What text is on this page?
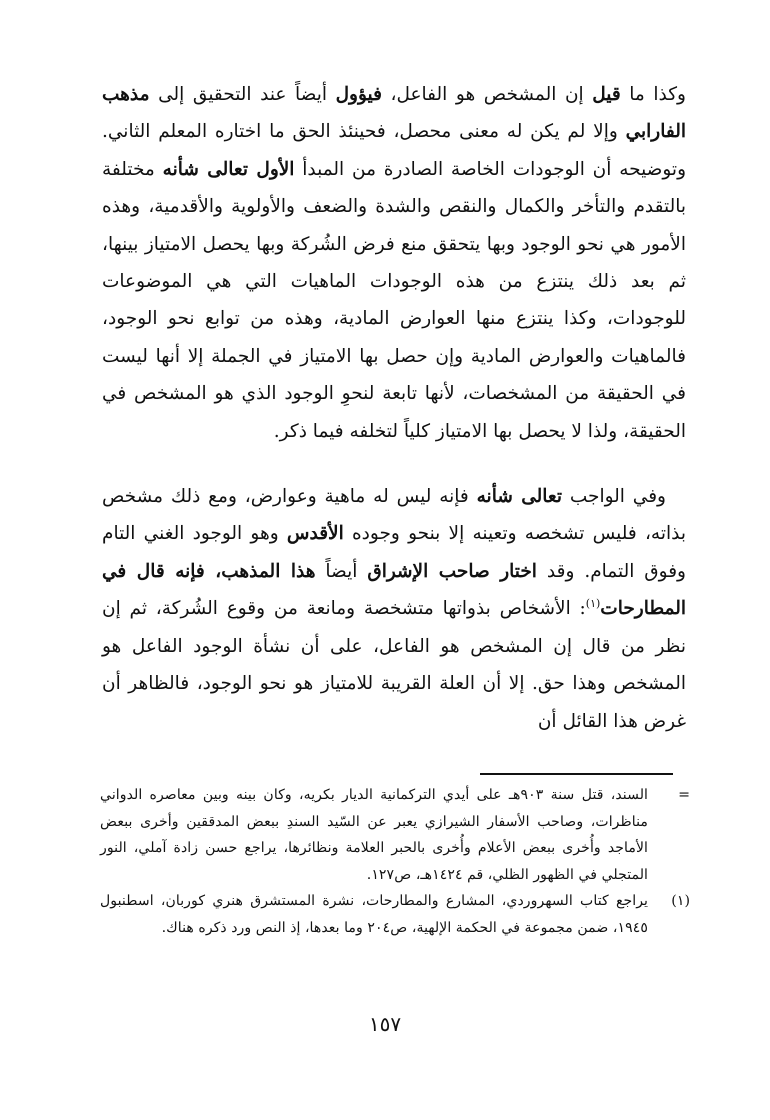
وكذا ما قيل إن المشخص هو الفاعل، فيؤول أيضاً عند التحقيق إلى مذهب الفارابي وإلا لم يكن له معنى محصل، فحينئذ الحق ما اختاره المعلم الثاني. وتوضيحه أن الوجودات الخاصة الصادرة من المبدأ الأول تعالى شأنه مختلفة بالتقدم والتأخر والكمال والنقص والشدة والضعف والأولوية والأقدمية، وهذه الأمور هي نحو الوجود وبها يتحقق منع فرض الشُركة وبها يحصل الامتياز بينها، ثم بعد ذلك ينتزع من هذه الوجودات الماهيات التي هي الموضوعات للوجودات، وكذا ينتزع منها العوارض المادية، وهذه من توابع نحو الوجود، فالماهيات والعوارض المادية وإن حصل بها الامتياز في الجملة إلا أنها ليست في الحقيقة من المشخصات، لأنها تابعة لنحوِ الوجود الذي هو المشخص في الحقيقة، ولذا لا يحصل بها الامتياز كلياً لتخلفه فيما ذكر.

وفي الواجب تعالى شأنه فإنه ليس له ماهية وعوارض، ومع ذلك مشخص بذاته، فليس تشخصه وتعينه إلا بنحو وجوده الأقدس وهو الوجود الغني التام وفوق التمام. وقد اختار صاحب الإشراق أيضاً هذا المذهب، فإنه قال في المطارحات$^{(١)}$: الأشخاص بذواتها متشخصة ومانعة من وقوع الشُركة، ثم إن نظر من قال إن المشخص هو الفاعل، على أن نشأة الوجود الفاعل هو المشخص وهذا حق. إلا أن العلة القريبة للامتياز هو نحو الوجود، فالظاهر أن غرض هذا القائل أن

=
السند، قتل سنة ٩٠٣هـ على أيدي التركمانية الديار بكريه، وكان بينه وبين معاصره الدواني مناظرات، وصاحب الأسفار الشيرازي يعبر عن السّيد السندِ ببعض المدققين وأخرى ببعض الأماجد وأُخرى ببعض الأعلام وأُخرى بالحبر العلامة ونظائرها، يراجع حسن زادة آملي، النور المتجلي في الظهور الظلي، قم ١٤٢٤هـ، ص١٢٧.
(١)
يراجع كتاب السهروردي، المشارع والمطارحات، نشرة المستشرق هنري كوربان، اسطنبول ١٩٤٥، ضمن مجموعة في الحكمة الإلهية، ص٢٠٤ وما بعدها، إذ النص ورد ذكره هناك.
١٥٧
